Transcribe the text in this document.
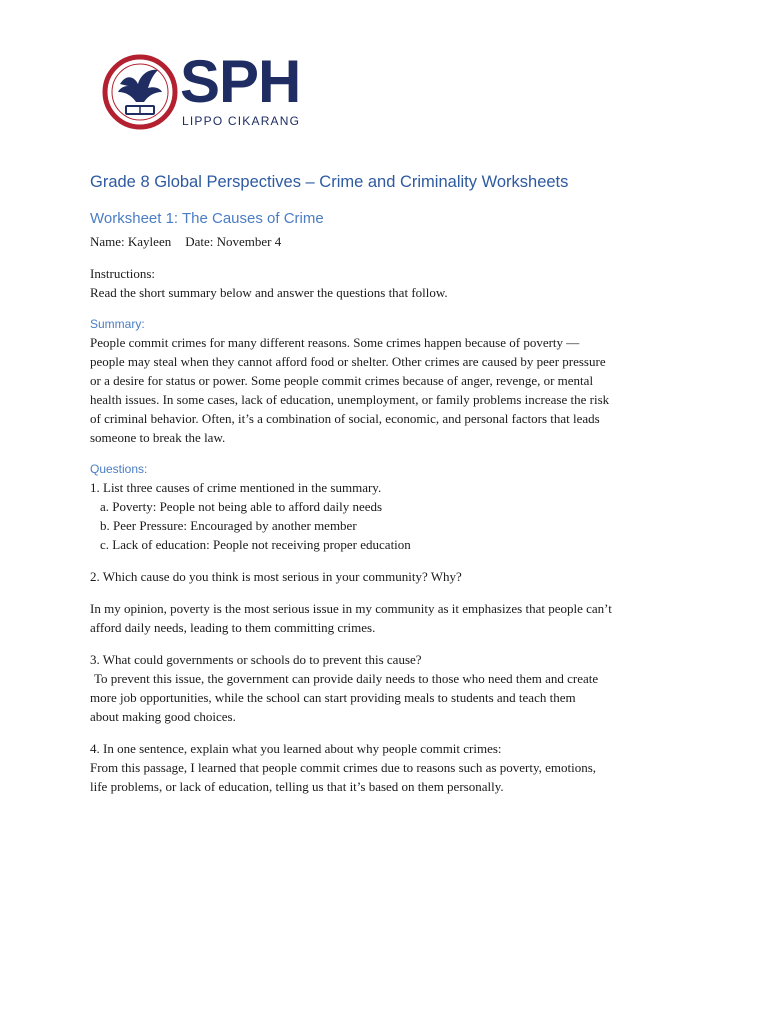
SPH
LIPPO CIKARANG
Grade 8 Global Perspectives – Crime and Criminality Worksheets
Worksheet 1: The Causes of Crime

Name: Kayleen Date: November 4

Instructions:

Read the short summary below and answer the questions that follow.

Summary:

People commit crimes for many different reasons. Some crimes happen because of poverty —

people may steal when they cannot afford food or shelter. Other crimes are caused by peer pressure

or a desire for status or power. Some people commit crimes because of anger, revenge, or mental

health issues. In some cases, lack of education, unemployment, or family problems increase the risk

of criminal behavior. Often, it’s a combination of social, economic, and personal factors that leads

someone to break the law.

Questions:

1. List three causes of crime mentioned in the summary.

a. Poverty: People not being able to afford daily needs

b. Peer Pressure: Encouraged by another member

c. Lack of education: People not receiving proper education

2. Which cause do you think is most serious in your community? Why?

In my opinion, poverty is the most serious issue in my community as it emphasizes that people can’t

afford daily needs, leading to them committing crimes.

3. What could governments or schools do to prevent this cause?

To prevent this issue, the government can provide daily needs to those who need them and create

more job opportunities, while the school can start providing meals to students and teach them

about making good choices.

4. In one sentence, explain what you learned about why people commit crimes:

From this passage, I learned that people commit crimes due to reasons such as poverty, emotions,

life problems, or lack of education, telling us that it’s based on them personally.
